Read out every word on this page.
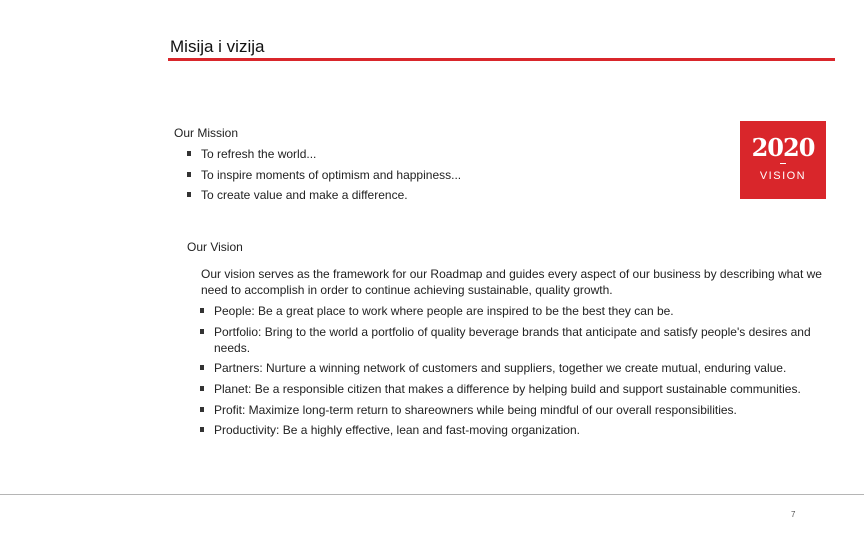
Misija i vizija
2020
VISION
Our Mission
To refresh the world...
To inspire moments of optimism and happiness...
To create value and make a difference.
Our Vision
Our vision serves as the framework for our Roadmap and guides every aspect of our business by describing what we need to accomplish in order to continue achieving sustainable, quality growth.
People: Be a great place to work where people are inspired to be the best they can be.
Portfolio: Bring to the world a portfolio of quality beverage brands that anticipate and satisfy people's desires and needs.
Partners: Nurture a winning network of customers and suppliers, together we create mutual, enduring value.
Planet: Be a responsible citizen that makes a difference by helping build and support sustainable communities.
Profit: Maximize long-term return to shareowners while being mindful of our overall responsibilities.
Productivity: Be a highly effective, lean and fast-moving organization.
7
